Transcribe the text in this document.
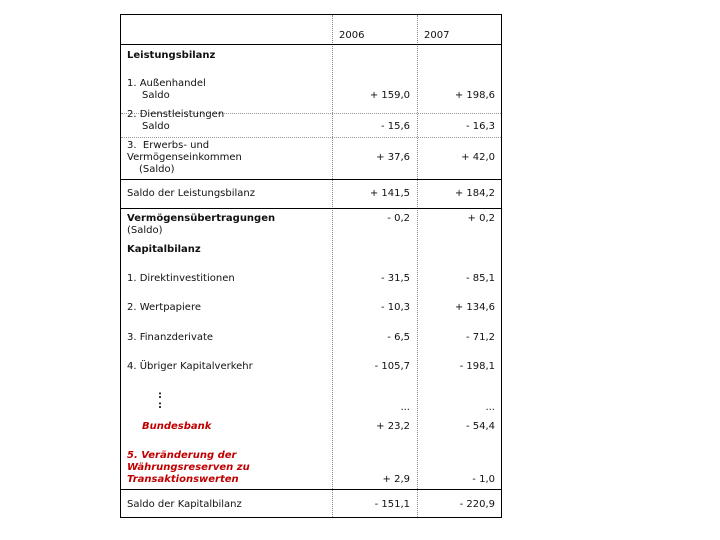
2006	2007
Leistungsbilanz
1. Außenhandel
Saldo	+ 159,0	+ 198,6
2. Dienstleistungen
Saldo	- 15,6	- 16,3
3.  Erwerbs- und
Vermögenseinkommen
(Saldo)
+ 37,6	+ 42,0
Saldo der Leistungsbilanz	+ 141,5	+ 184,2
Vermögensübertragungen
(Saldo)
- 0,2	+ 0,2
Kapitalbilanz
1. Direktinvestitionen	- 31,5	- 85,1
2. Wertpapiere	- 10,3	+ 134,6
3. Finanzderivate	- 6,5	- 71,2
4. Übriger Kapitalverkehr	- 105,7	- 198,1
:
:	...	...
Bundesbank	+ 23,2	- 54,4
5. Veränderung der
Währungsreserven zu
Transaktionswerten	+ 2,9	- 1,0
Saldo der Kapitalbilanz	- 151,1	- 220,9
